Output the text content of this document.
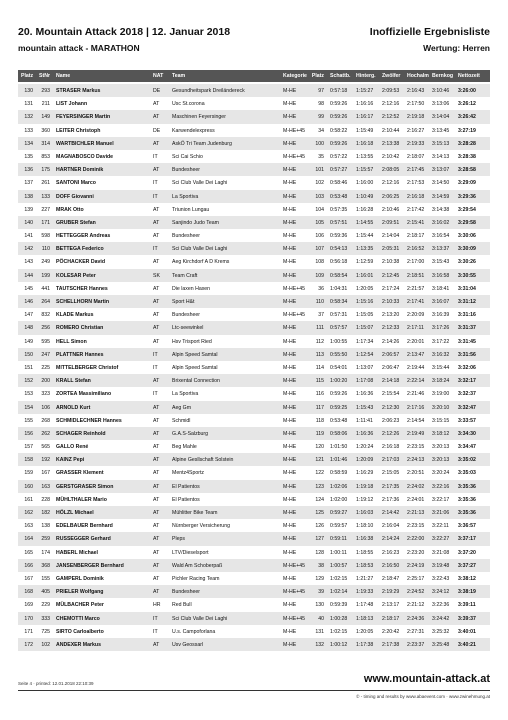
20. Mountain Attack 2018 | 12. Januar 2018	Inoffizielle Ergebnisliste
mountain attack - MARATHON	Wertung: Herren
Platz	StNr Name	NAT Team	Kategorie Platz Schattb. Hinterg. Zwölfer Hochalm Bernkog Nettozeit
130	293 STRASER Markus	DE Gesundheitspark Dreiländereck	M-HE	97 0:57:18 1:15:27 2:09:53 2:16:43 3:10:46 3:26:00
131	211 LIST Johann	AT Usc St.corona	M-HE	98 0:59:26 1:16:16 2:12:16 2:17:50 3:13:06 3:26:12
132	149 FEYERSINGER Martin	AT Maschinen Feyersinger	M-HE	99 0:59:26 1:16:17 2:12:52 2:19:18 3:14:04 3:26:42
133	360 LEITER Christoph	DE Karwendelexpress	M-HE+45	34 0:58:22 1:15:49 2:10:44 2:16:27 3:13:45 3:27:19
134	314 WARTBICHLER Manuel	AT AskÖ Tri Team Judenburg	M-HE	100 0:59:26 1:16:18 2:13:38 2:19:33 3:15:13 3:28:28
135	853 MAGNABOSCO Davide	IT	Sci Cai Schio	M-HE+45	35 0:57:22 1:13:55 2:10:42 2:18:07 3:14:13 3:28:38
136	175 HARTNER Dominik	AT Bundesheer	M-HE	101 0:57:27 1:15:57 2:08:05 2:17:45 3:13:07 3:28:58
137	261 SANTONI Marco	IT	Sci Club Valle Dei Laghi	M-HE	102 0:58:46 1:16:00 2:12:16 2:17:53 3:14:50 3:29:09
138	133 DOFF Giovanni	IT	La Sportiva	M-HE	103 0:53:48 1:10:49 2:06:25 2:16:18 3:14:59 3:29:36
139	227 MRAK Otto	AT Triunion Lungau	M-HE	104 0:57:35 1:16:28 2:10:46 2:17:42 3:14:38 3:29:54
140	171 GRUBER Stefan	AT Sanjindo Judo Team	M-HE	105 0:57:51 1:14:55 2:09:51 2:15:41 3:16:02 3:29:58
141	598 HETTEGGER Andreas	AT Bundesheer	M-HE	106 0:59:36 1:15:44 2:14:04 2:18:17 3:16:54 3:30:06
142	110 BETTEGA Federico	IT	Sci Club Valle Dei Laghi	M-HE	107 0:54:13 1:13:35 2:05:31 2:16:52 3:13:37 3:30:09
143	249 PÖCHACKER David	AT Aeg Kirchdorf A D Krems	M-HE	108 0:56:18 1:12:59 2:10:38 2:17:00 3:15:43 3:30:26
144	199 KOLESAR Peter	SK Team Craft	M-HE	109 0:58:54 1:16:01 2:12:45 2:18:51 3:16:58 3:30:55
145	441 TAUTSCHER Hannes	AT Die laxen Haxen	M-HE+45	36 1:04:31 1:20:05 2:17:24 2:21:57 3:18:41 3:31:04
146	264 SCHELLHORN Martin	AT Sport H&t	M-HE	110 0:58:34 1:15:16 2:10:33 2:17:41 3:16:07 3:31:12
147	832 KLADE Markus	AT Bundesheer	M-HE+45	37 0:57:31 1:15:05 2:13:20 2:20:09 3:16:39 3:31:16
148	256 ROMERO Christian	AT Ltc-seewinkel	M-HE	111 0:57:57 1:15:07 2:12:33 2:17:11 3:17:26 3:31:37
149	595 HELL Simon	AT Hsv Trisport Ried	M-HE	112 1:00:55 1:17:34 2:14:26 2:20:01 3:17:22 3:31:45
150	247 PLATTNER Hannes	IT	Alpin Speed Samtal	M-HE	113 0:55:50 1:12:54 2:06:57 2:13:47 3:16:32 3:31:56
151	225 MITTELBERGER Christof	IT	Alpin Speed Samtal	M-HE	114 0:54:01 1:13:07 2:06:47 2:19:44 3:15:44 3:32:06
152	200 KRALL Stefan	AT Brixental Connection	M-HE	115 1:00:20 1:17:08 2:14:18 2:22:14 3:18:24 3:32:17
153	323 ZORTEA Massimiliano	IT	La Sportiva	M-HE	116 0:59:26 1:16:36 2:15:54 2:21:46 3:19:00 3:32:37
154	106 ARNOLD Kurt	AT Aeg Gm	M-HE	117 0:59:25 1:15:43 2:12:30 2:17:16 3:20:10 3:32:47
155	268 SCHMIDLECHNER Hannes	AT Schmidl	M-HE	118 0:53:48 1:11:41 2:06:23 2:14:54 3:15:15 3:33:57
156	262 SCHAGER Reinhold	AT G.A.S-Salzburg	M-HE	119 0:58:06 1:16:36 2:12:26 2:19:49 3:18:12 3:34:30
157	565 GALLO René	AT Beg Mahle	M-HE	120 1:01:50 1:20:24 2:16:18 2:23:15 3:20:13 3:34:47
158	192 KAINZ Pepi	AT Alpine Gesllschaft Solstein	M-HE	121 1:01:46 1:20:09 2:17:03 2:24:13 3:20:13 3:35:02
159	167 GRASSER Klement	AT Mentz4Sportz	M-HE	122 0:58:59 1:16:29 2:15:05 2:20:51 3:20:24 3:35:03
160	163 GERSTGRASER Simon	AT El Patientos	M-HE	123 1:02:06 1:19:18 2:17:35 2:24:02 3:22:16 3:35:36
161	228 MÜHLTHALER Mario	AT El Patientos	M-HE	124 1:02:00 1:19:12 2:17:36 2:24:01 3:22:17 3:35:36
162	182 HÖLZL Michael	AT Mühlitter Bike Team	M-HE	125 0:59:27 1:16:03 2:14:42 2:21:13 3:21:06 3:35:36
163	138 EDELBAUER Bernhard	AT Nürnberger Versicherung	M-HE	126 0:59:57 1:18:10 2:16:04 2:23:15 3:22:11 3:36:57
164	259 RUSSEGGER Gerhard	AT Pleps	M-HE	127 0:59:11 1:16:38 2:14:24 2:22:00 3:22:27 3:37:17
165	174 HABERL Michael	AT LTV/Dieselsport	M-HE	128 1:00:11 1:18:55 2:16:23 2:23:20 3:21:08 3:37:20
166	368 JANSENBERGER Bernhard	AT Wald Am Schoberpaß	M-HE+45	38 1:00:57 1:18:53 2:16:50 2:24:19 3:19:48 3:37:27
167	155 GAMPERL Dominik	AT Pichler Racing Team	M-HE	129 1:02:15 1:21:27 2:18:47 2:25:17 3:22:43 3:38:12
168	405 PRIELER Wolfgang	AT Bundesheer	M-HE+45	39 1:02:14 1:19:33 2:19:29 2:24:52 3:24:12 3:38:19
169	229 MÜLBACHER Peter	HR Red Bull	M-HE	130 0:59:39 1:17:48 2:13:17 2:21:12 3:22:36 3:39:11
170	333 CHEMOTTI Marco	IT	Sci Club Valle Dei Laghi	M-HE+45	40 1:00:28 1:18:13 2:18:17 2:24:36 3:24:42 3:39:37
171	725 SIRTO Carloalberto	IT	U.s. Campoforlana	M-HE	131 1:02:15 1:20:05 2:20:42 2:27:31 3:25:32 3:40:01
172	102 ANDEXER Markus	AT Usv Geossarl	M-HE	132 1:00:12 1:17:38 2:17:38 2:23:37 3:25:48 3:40:21
Seite 4 · printed: 12.01.2018 22:10:39	www.mountain-attack.at
© - timing and results by www.abaevent.com · www.zwinehmung.at
